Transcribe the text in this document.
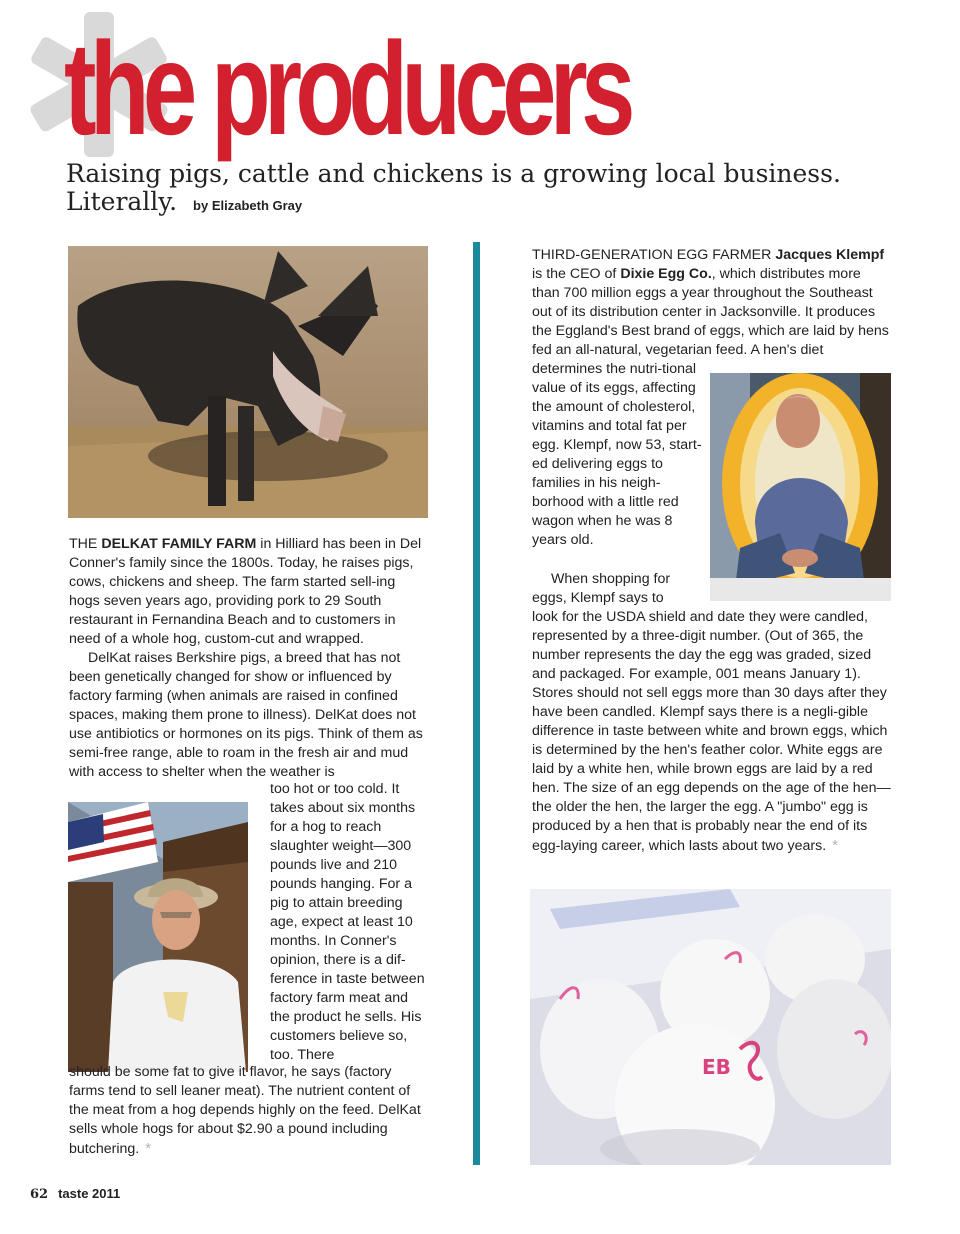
the producers

Raising pigs, cattle and chickens is a growing local business. Literally. by Elizabeth Gray

EB

THE DELKAT FAMILY FARM in Hilliard has been in Del Conner's family since the 1800s. Today, he raises pigs, cows, chickens and sheep. The farm started sell-ing hogs seven years ago, providing pork to 29 South restaurant in Fernandina Beach and to customers in need of a whole hog, custom-cut and wrapped.

DelKat raises Berkshire pigs, a breed that has not been genetically changed for show or influenced by factory farming (when animals are raised in confined spaces, making them prone to illness). DelKat does not use antibiotics or hormones on its pigs. Think of them as semi-free range, able to roam in the fresh air and mud with access to shelter when the weather is

too hot or too cold. It takes about six months for a hog to reach slaughter weight—300 pounds live and 210 pounds hanging. For a pig to attain breeding age, expect at least 10 months. In Conner's opinion, there is a dif-ference in taste between factory farm meat and the product he sells. His customers believe so, too. There

should be some fat to give it flavor, he says (factory farms tend to sell leaner meat). The nutrient content of the meat from a hog depends highly on the feed. DelKat sells whole hogs for about $2.90 a pound including butchering. *

THIRD-GENERATION EGG FARMER Jacques Klempf is the CEO of Dixie Egg Co., which distributes more than 700 million eggs a year throughout the Southeast out of its distribution center in Jacksonville. It produces the Eggland's Best brand of eggs, which are laid by hens fed an all-natural, vegetarian feed. A hen's diet

determines the nutri-tional value of its eggs, affecting the amount of cholesterol, vitamins and total fat per egg. Klempf, now 53, start-ed delivering eggs to families in his neigh-borhood with a little red wagon when he was 8 years old.

When shopping for eggs, Klempf says to

look for the USDA shield and date they were candled, represented by a three-digit number. (Out of 365, the number represents the day the egg was graded, sized and packaged. For example, 001 means January 1). Stores should not sell eggs more than 30 days after they have been candled. Klempf says there is a negli-gible difference in taste between white and brown eggs, which is determined by the hen's feather color. White eggs are laid by a white hen, while brown eggs are laid by a red hen. The size of an egg depends on the age of the hen—the older the hen, the larger the egg. A "jumbo" egg is produced by a hen that is probably near the end of its egg-laying career, which lasts about two years. *

62 taste 2011
